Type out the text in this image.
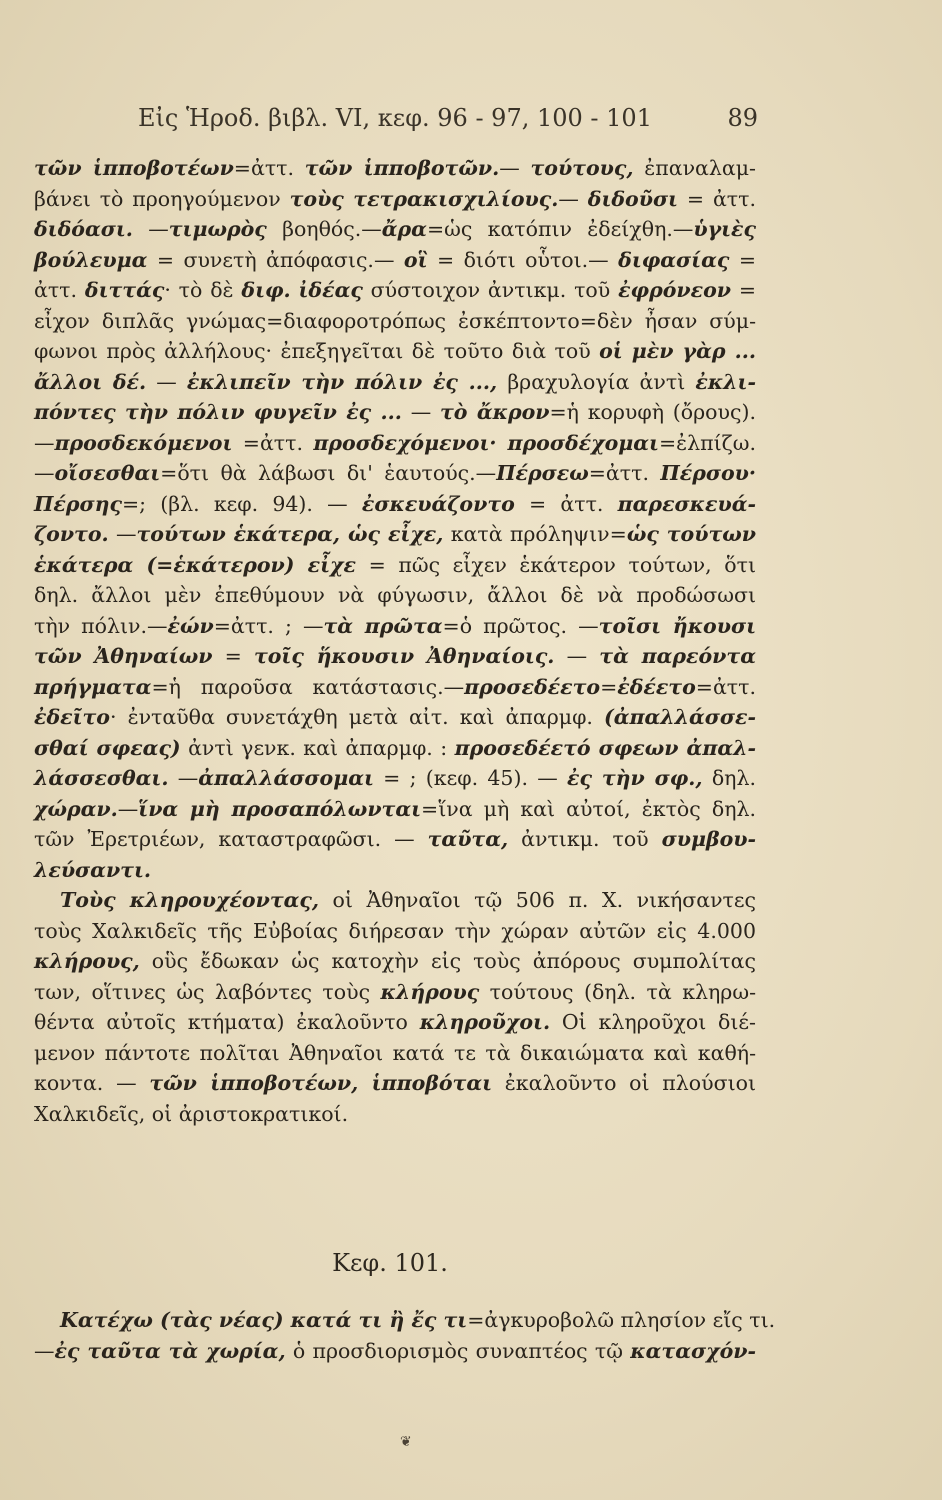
Εἰς Ἡροδ. βιβλ. VI, κεφ. 96 - 97, 100 - 101	89
τῶν ἱπποβοτέων=ἀττ. τῶν ἱπποβοτῶν.— τούτους, ἐπαναλαμ-
βάνει τὸ προηγούμενον τοὺς τετρακισχιλίους.— διδοῦσι = ἀττ.
διδόασι. —τιμωρὸς βοηθός.—ἄρα=ὡς κατόπιν ἐδείχθη.—ὑγιὲς
βούλευμα = συνετὴ ἀπόφασις.— οἳ = διότι οὗτοι.— διφασίας =
ἀττ. διττάς· τὸ δὲ διφ. ἰδέας σύστοιχον ἀντικμ. τοῦ ἐφρόνεον =
εἶχον διπλᾶς γνώμας=διαφοροτρόπως ἐσκέπτοντο=δὲν ἦσαν σύμ-
φωνοι πρὸς ἀλλήλους· ἐπεξηγεῖται δὲ τοῦτο διὰ τοῦ οἱ μὲν γὰρ ...
ἄλλοι δέ. — ἐκλιπεῖν τὴν πόλιν ἐς ..., βραχυλογία ἀντὶ ἐκλι-
πόντες τὴν πόλιν φυγεῖν ἐς ... — τὸ ἄκρον=ἡ κορυφὴ (ὄρους).
—προσδεκόμενοι =ἀττ. προσδεχόμενοι· προσδέχομαι=ἐλπίζω.
—οἴσεσθαι=ὅτι θὰ λάβωσι δι' ἑαυτούς.—Πέρσεω=ἀττ. Πέρσου·
Πέρσης=; (βλ. κεφ. 94). — ἐσκευάζοντο = ἀττ. παρεσκευά-
ζοντο. —τούτων ἑκάτερα, ὡς εἶχε, κατὰ πρόληψιν=ὡς τούτων
ἑκάτερα (=ἑκάτερον) εἶχε = πῶς εἶχεν ἑκάτερον τούτων, ὅτι
δηλ. ἄλλοι μὲν ἐπεθύμουν νὰ φύγωσιν, ἄλλοι δὲ νὰ προδώσωσι
τὴν πόλιν.—ἐών=ἀττ. ; —τὰ πρῶτα=ὁ πρῶτος. —τοῖσι ἤκουσι
τῶν Ἀθηναίων = τοῖς ἥκουσιν Ἀθηναίοις. — τὰ παρεόντα
πρήγματα=ἡ παροῦσα κατάστασις.—προσεδέετο=ἐδέετο=ἀττ.
ἐδεῖτο· ἐνταῦθα συνετάχθη μετὰ αἰτ. καὶ ἀπαρμφ. (ἀπαλλάσσε-
σθαί σφεας) ἀντὶ γενκ. καὶ ἀπαρμφ. : προσεδέετό σφεων ἀπαλ-
λάσσεσθαι. —ἀπαλλάσσομαι = ; (κεφ. 45). — ἐς τὴν σφ., δηλ.
χώραν.—ἵνα μὴ προσαπόλωνται=ἵνα μὴ καὶ αὐτοί, ἐκτὸς δηλ.
τῶν Ἐρετριέων, καταστραφῶσι. — ταῦτα, ἀντικμ. τοῦ συμβου-
λεύσαντι.
Τοὺς κληρουχέοντας, οἱ Ἀθηναῖοι τῷ 506 π. Χ. νικήσαντες
τοὺς Χαλκιδεῖς τῆς Εὐβοίας διήρεσαν τὴν χώραν αὐτῶν εἰς 4.000
κλήρους, οὓς ἔδωκαν ὡς κατοχὴν εἰς τοὺς ἀπόρους συμπολίτας
των, οἵτινες ὡς λαβόντες τοὺς κλήρους τούτους (δηλ. τὰ κληρω-
θέντα αὐτοῖς κτήματα) ἐκαλοῦντο κληροῦχοι. Οἱ κληροῦχοι διέ-
μενον πάντοτε πολῖται Ἀθηναῖοι κατά τε τὰ δικαιώματα καὶ καθή-
κοντα. — τῶν ἱπποβοτέων, ἱπποβόται ἐκαλοῦντο οἱ πλούσιοι
Χαλκιδεῖς, οἱ ἀριστοκρατικοί.
Κεφ. 101.
Κατέχω (τὰς νέας) κατά τι ἢ ἔς τι=ἀγκυροβολῶ πλησίον εἴς τι.
—ἐς ταῦτα τὰ χωρία, ὁ προσδιορισμὸς συναπτέος τῷ κατασχόν-
❦
